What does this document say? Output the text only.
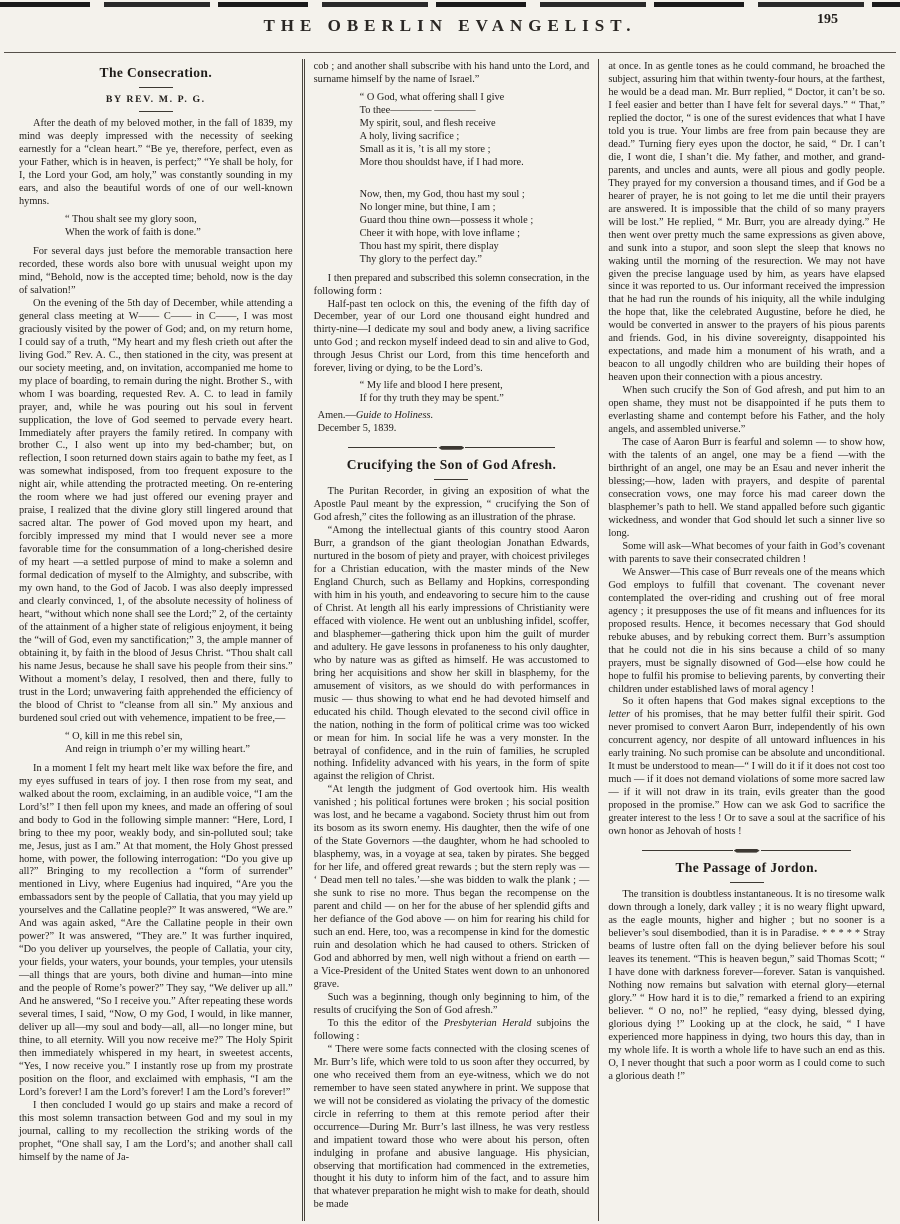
THE OBERLIN EVANGELIST.	195
The Consecration.
BY REV. M. P. G.

After the death of my beloved mother, in the fall of 1839, my mind was deeply impressed with the necessity of seeking earnestly for a “clean heart.” “Be ye, therefore, perfect, even as your Father, which is in heaven, is perfect;” “Ye shall be holy, for I, the Lord your God, am holy,” was constantly sounding in my ears, and also the beautiful words of one of our well-known hymns.

“ Thou shalt see my glory soon,
When the work of faith is done.”

For several days just before the memorable transaction here recorded, these words also bore with unusual weight upon my mind, “Behold, now is the accepted time; behold, now is the day of salvation!”

On the evening of the 5th day of December, while attending a general class meeting at W—— C—— in C——, I was most graciously visited by the power of God; and, on my return home, I could say of a truth, “My heart and my flesh crieth out after the living God.” Rev. A. C., then stationed in the city, was present at our society meeting, and, on invitation, accompanied me home to my place of boarding, to remain during the night. Brother S., with whom I was boarding, requested Rev. A. C. to lead in family prayer, and, while he was pouring out his soul in fervent supplication, the love of God seemed to pervade every heart. Immediately after prayers the family retired. In company with brother C., I also went up into my bed-chamber; but, on reflection, I soon returned down stairs again to bathe my feet, as I was somewhat indisposed, from too frequent exposure to the night air, while attending the protracted meeting. On re-entering the room where we had just offered our evening prayer and praise, I realized that the divine glory still lingered around that sacred altar. The power of God moved upon my heart, and forcibly impressed my mind that I would never see a more favorable time for the consummation of a long-cherished desire of my heart —a settled purpose of mind to make a solemn and formal dedication of myself to the Almighty, and subscribe, with my own hand, to the God of Jacob. I was also deeply impressed and clearly convinced, 1, of the absolute necessity of holiness of heart, “without which none shall see the Lord;” 2, of the certainty of the attainment of a higher state of religious enjoyment, it being the “will of God, even my sanctification;” 3, the ample manner of obtaining it, by faith in the blood of Jesus Christ. “Thou shalt call his name Jesus, because he shall save his people from their sins.” Without a moment’s delay, I resolved, then and there, fully to trust in the Lord; unwavering faith apprehended the efficiency of the blood of Christ to “cleanse from all sin.” My anxious and burdened soul cried out with vehemence, impatient to be free,—

“ O, kill in me this rebel sin,
And reign in triumph o’er my willing heart.”

In a moment I felt my heart melt like wax before the fire, and my eyes suffused in tears of joy. I then rose from my seat, and walked about the room, exclaiming, in an audible voice, “I am the Lord’s!” I then fell upon my knees, and made an offering of soul and body to God in the following simple manner: “Here, Lord, I bring to thee my poor, weakly body, and sin-polluted soul; take me, Jesus, just as I am.” At that moment, the Holy Ghost pressed home, with power, the following interrogation: “Do you give up all?” Bringing to my recollection a “form of surrender” mentioned in Livy, where Eugenius had inquired, “Are you the embassadors sent by the people of Callatia, that you may yield up yourselves and the Callatine people?” It was answered, “We are.” And was again asked, “Are the Callatine people in their own power?” It was answered, “They are.” It was further inquired, “Do you deliver up yourselves, the people of Callatia, your city, your fields, your waters, your bounds, your temples, your utensils—all things that are yours, both divine and human—into mine and the people of Rome’s power?” They say, “We deliver up all.” And he answered, “So I receive you.” After repeating these words several times, I said, “Now, O my God, I would, in like manner, deliver up all—my soul and body—all, all—no longer mine, but thine, to all eternity. Will you now receive me?” The Holy Spirit then immediately whispered in my heart, in sweetest accents, “Yes, I now receive you.” I instantly rose up from my prostrate position on the floor, and exclaimed with emphasis, “I am the Lord’s forever! I am the Lord’s forever! I am the Lord’s forever!”

I then concluded I would go up stairs and make a record of this most solemn transaction between God and my soul in my journal, calling to my recollection the striking words of the prophet, “One shall say, I am the Lord’s; and another shall call himself by the name of Ja-

cob ; and another shall subscribe with his hand unto the Lord, and surname himself by the name of Israel.”

“ O God, what offering shall I give
To thee———— ————
My spirit, soul, and flesh receive
A holy, living sacrifice ;
Small as it is, ’t is all my store ;
More thou shouldst have, if I had more.
Now, then, my God, thou hast my soul ;
No longer mine, but thine, I am ;
Guard thou thine own—possess it whole ;
Cheer it with hope, with love inflame ;
Thou hast my spirit, there display
Thy glory to the perfect day.”

I then prepared and subscribed this solemn consecration, in the following form :

Half-past ten oclock on this, the evening of the fifth day of December, year of our Lord one thousand eight hundred and thirty-nine—I dedicate my soul and body anew, a living sacrifice unto God ; and reckon myself indeed dead to sin and alive to God, through Jesus Christ our Lord, from this time henceforth and forever, living or dying, to be the Lord’s.

“ My life and blood I here present,
If for thy truth they may be spent.”

Amen.—Guide to Holiness.

December 5, 1839.

Crucifying the Son of God Afresh.

The Puritan Recorder, in giving an exposition of what the Apostle Paul meant by the expression, “ crucifying the Son of God afresh,” cites the following as an illustration of the phrase.

“Among the intellectual giants of this country stood Aaron Burr, a grandson of the giant theologian Jonathan Edwards, nurtured in the bosom of piety and prayer, with choicest privileges for a Christian education, with the master minds of the New England Church, such as Bellamy and Hopkins, corresponding with him in his youth, and endeavoring to secure him to the cause of Christ. At length all his early impressions of Christianity were effaced with violence. He went out an unblushing infidel, scoffer, and blasphemer—gathering thick upon him the guilt of murder and adultery. He gave lessons in profaneness to his only daughter, who by nature was as gifted as himself. He was accustomed to bring her acquisitions and show her skill in blasphemy, for the amusement of visitors, as we should do with performances in music — thus showing to what end he had devoted himself and educated his child. Though elevated to the second civil office in the nation, nothing in the form of political crime was too wicked or mean for him. In social life he was a very monster. In the betrayal of confidence, and in the ruin of families, he scrupled nothing. Infidelity advanced with his years, in the form of spite against the religion of Christ.

“At length the judgment of God overtook him. His wealth vanished ; his political fortunes were broken ; his social position was lost, and he became a vagabond. Society thrust him out from its bosom as its sworn enemy. His daughter, then the wife of one of the State Governors —the daughter, whom he had schooled to blasphemy, was, in a voyage at sea, taken by pirates. She begged for her life, and offered great rewards ; but the stern reply was — ‘ Dead men tell no tales.’—she was bidden to walk the plank ; — she sunk to rise no more. Thus began the recompense on the parent and child — on her for the abuse of her splendid gifts and her defiance of the God above — on him for rearing his child for such an end. Here, too, was a recompense in kind for the domestic ruin and desolation which he had caused to others. Stricken of God and abhorred by men, well nigh without a friend on earth — a Vice-President of the United States went down to an unhonored grave.

Such was a beginning, though only beginning to him, of the results of crucifying the Son of God afresh.”

To this the editor of the Presbyterian Herald subjoins the following :

“ There were some facts connected with the closing scenes of Mr. Burr’s life, which were told to us soon after they occurred, by one who received them from an eye-witness, which we do not remember to have seen stated anywhere in print. We suppose that we will not be considered as violating the privacy of the domestic circle in referring to them at this remote period after their occurrence—During Mr. Burr’s last illness, he was very restless and impatient toward those who were about his person, often indulging in profane and abusive language. His physician, observing that mortification had commenced in the extremeties, thought it his duty to inform him of the fact, and to assure him that whatever preparation he might wish to make for death, should be made

at once. In as gentle tones as he could command, he broached the subject, assuring him that within twenty-four hours, at the farthest, he would be a dead man. Mr. Burr replied, “ Doctor, it can’t be so. I feel easier and better than I have felt for several days.” “ That,” replied the doctor, “ is one of the surest evidences that what I have told you is true. Your limbs are free from pain because they are dead.” Turning fiery eyes upon the doctor, he said, “ Dr. I can’t die, I wont die, I shan’t die. My father, and mother, and grand-parents, and uncles and aunts, were all pious and godly people. They prayed for my conversion a thousand times, and if God be a hearer of prayer, he is not going to let me die until their prayers are answered. It is impossible that the child of so many prayers will be lost.” He replied, “ Mr. Burr, you are already dying.” He then went over pretty much the same expressions as given above, and sunk into a stupor, and soon slept the sleep that knows no waking until the morning of the resurection. We may not have given the precise language used by him, as years have elapsed since it was reported to us. Our informant received the impression that he had run the rounds of his iniquity, all the while indulging the hope that, like the celebrated Augustine, before he died, he would be converted in answer to the prayers of his pious parents and friends. God, in his divine sovereignty, disappointed his expectations, and made him a monument of his wrath, and a beacon to all ungodly children who are building their hopes of heaven upon their connection with a pious ancestry.

When such crucify the Son of God afresh, and put him to an open shame, they must not be disappointed if he puts them to everlasting shame and contempt before his Father, and the holy angels, and assembled universe.”

The case of Aaron Burr is fearful and solemn — to show how, with the talents of an angel, one may be a fiend —with the birthright of an angel, one may be an Esau and never inherit the blessing;—how, laden with prayers, and despite of parental consecration vows, one may force his mad career down the blasphemer’s path to hell. We stand appalled before such gigantic wickedness, and wonder that God should let such a sinner live so long.

Some will ask—What becomes of your faith in God’s covenant with parents to save their consecrated children !

We Answer—This case of Burr reveals one of the means which God employs to fulfill that covenant. The covenant never contemplated the over-riding and crushing out of free moral agency ; it presupposes the use of fit means and influences for its proposed results. Hence, it becomes necessary that God should rebuke abuses, and by rebuking correct them. Burr’s assumption that he could not die in his sins because a child of so many prayers, must be signally disowned of God—else how could he hope to fulfil his promise to believing parents, by converting their children under established laws of moral agency !

So it often hapens that God makes signal exceptions to the letter of his promises, that he may better fulfil their spirit. God never promised to convert Aaron Burr, independently of his own concurrent agency, nor despite of all untoward influences in his early training. No such promise can be absolute and unconditional. It must be understood to mean—“ I will do it if it does not cost too much — if it does not demand violations of some more sacred law — if it will not draw in its train, evils greater than the good proposed in the promise.” How can we ask God to sacrifice the greater interest to the less ! Or to save a soul at the sacrifice of his own honor as Jehovah of hosts !

The Passage of Jordon.

The transition is doubtless instantaneous. It is no tiresome walk down through a lonely, dark valley ; it is no weary flight upward, as the eagle mounts, higher and higher ; but no sooner is a believer’s soul disembodied, than it is in Paradise. * * * * * Stray beams of lustre often fall on the dying believer before his soul leaves its tenement. “This is heaven begun,” said Thomas Scott; “ I have done with darkness forever—forever. Satan is vanquished. Nothing now remains but salvation with eternal glory—eternal glory.” “ How hard it is to die,” remarked a friend to an expiring believer. “ O no, no!” he replied, “easy dying, blessed dying, glorious dying !” Looking up at the clock, he said, “ I have experienced more happiness in dying, two hours this day, than in my whole life. It is worth a whole life to have such an end as this. O, I never thought that such a poor worm as I could come to such a glorious death !”
